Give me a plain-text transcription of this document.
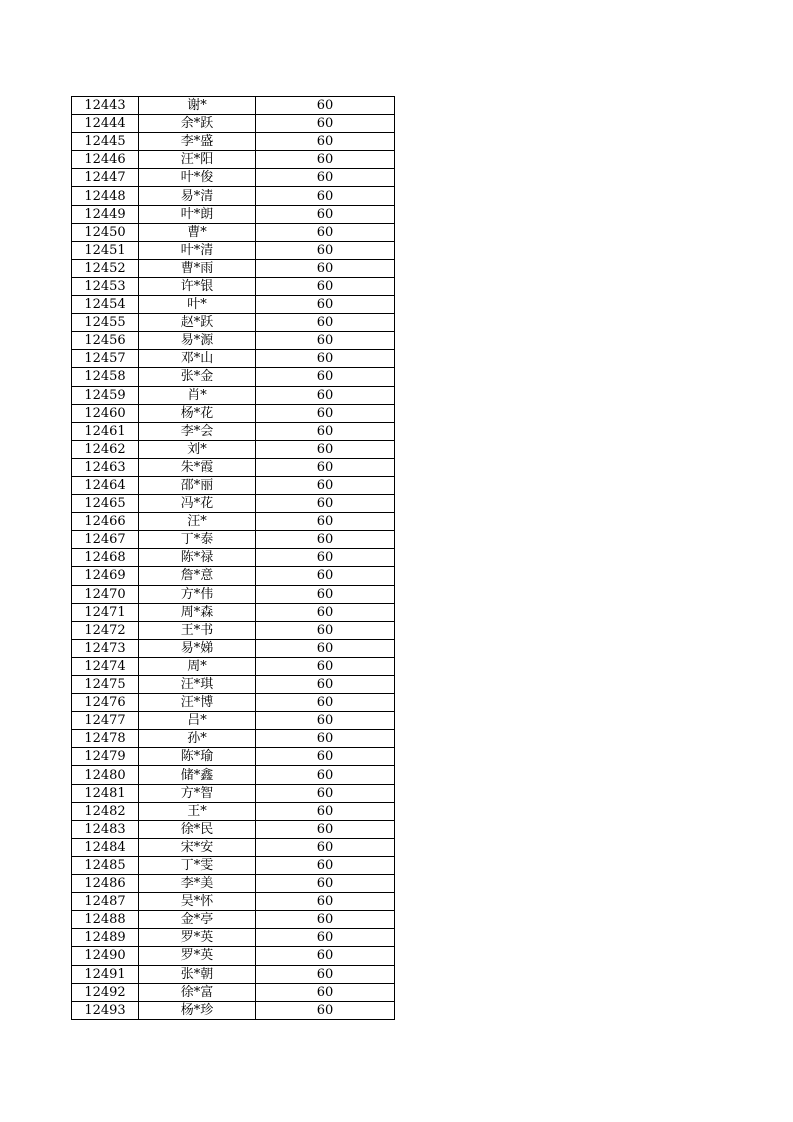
12443	谢*	60
12444	余*跃	60
12445	李*盛	60
12446	汪*阳	60
12447	叶*俊	60
12448	易*清	60
12449	叶*朗	60
12450	曹*	60
12451	叶*清	60
12452	曹*雨	60
12453	许*银	60
12454	叶*	60
12455	赵*跃	60
12456	易*源	60
12457	邓*山	60
12458	张*金	60
12459	肖*	60
12460	杨*花	60
12461	李*会	60
12462	刘*	60
12463	朱*霞	60
12464	邵*丽	60
12465	冯*花	60
12466	汪*	60
12467	丁*泰	60
12468	陈*禄	60
12469	詹*意	60
12470	方*伟	60
12471	周*森	60
12472	王*书	60
12473	易*娣	60
12474	周*	60
12475	汪*琪	60
12476	汪*博	60
12477	吕*	60
12478	孙*	60
12479	陈*瑜	60
12480	储*鑫	60
12481	方*智	60
12482	王*	60
12483	徐*民	60
12484	宋*安	60
12485	丁*雯	60
12486	李*美	60
12487	吴*怀	60
12488	金*亭	60
12489	罗*英	60
12490	罗*英	60
12491	张*朝	60
12492	徐*富	60
12493	杨*珍	60
